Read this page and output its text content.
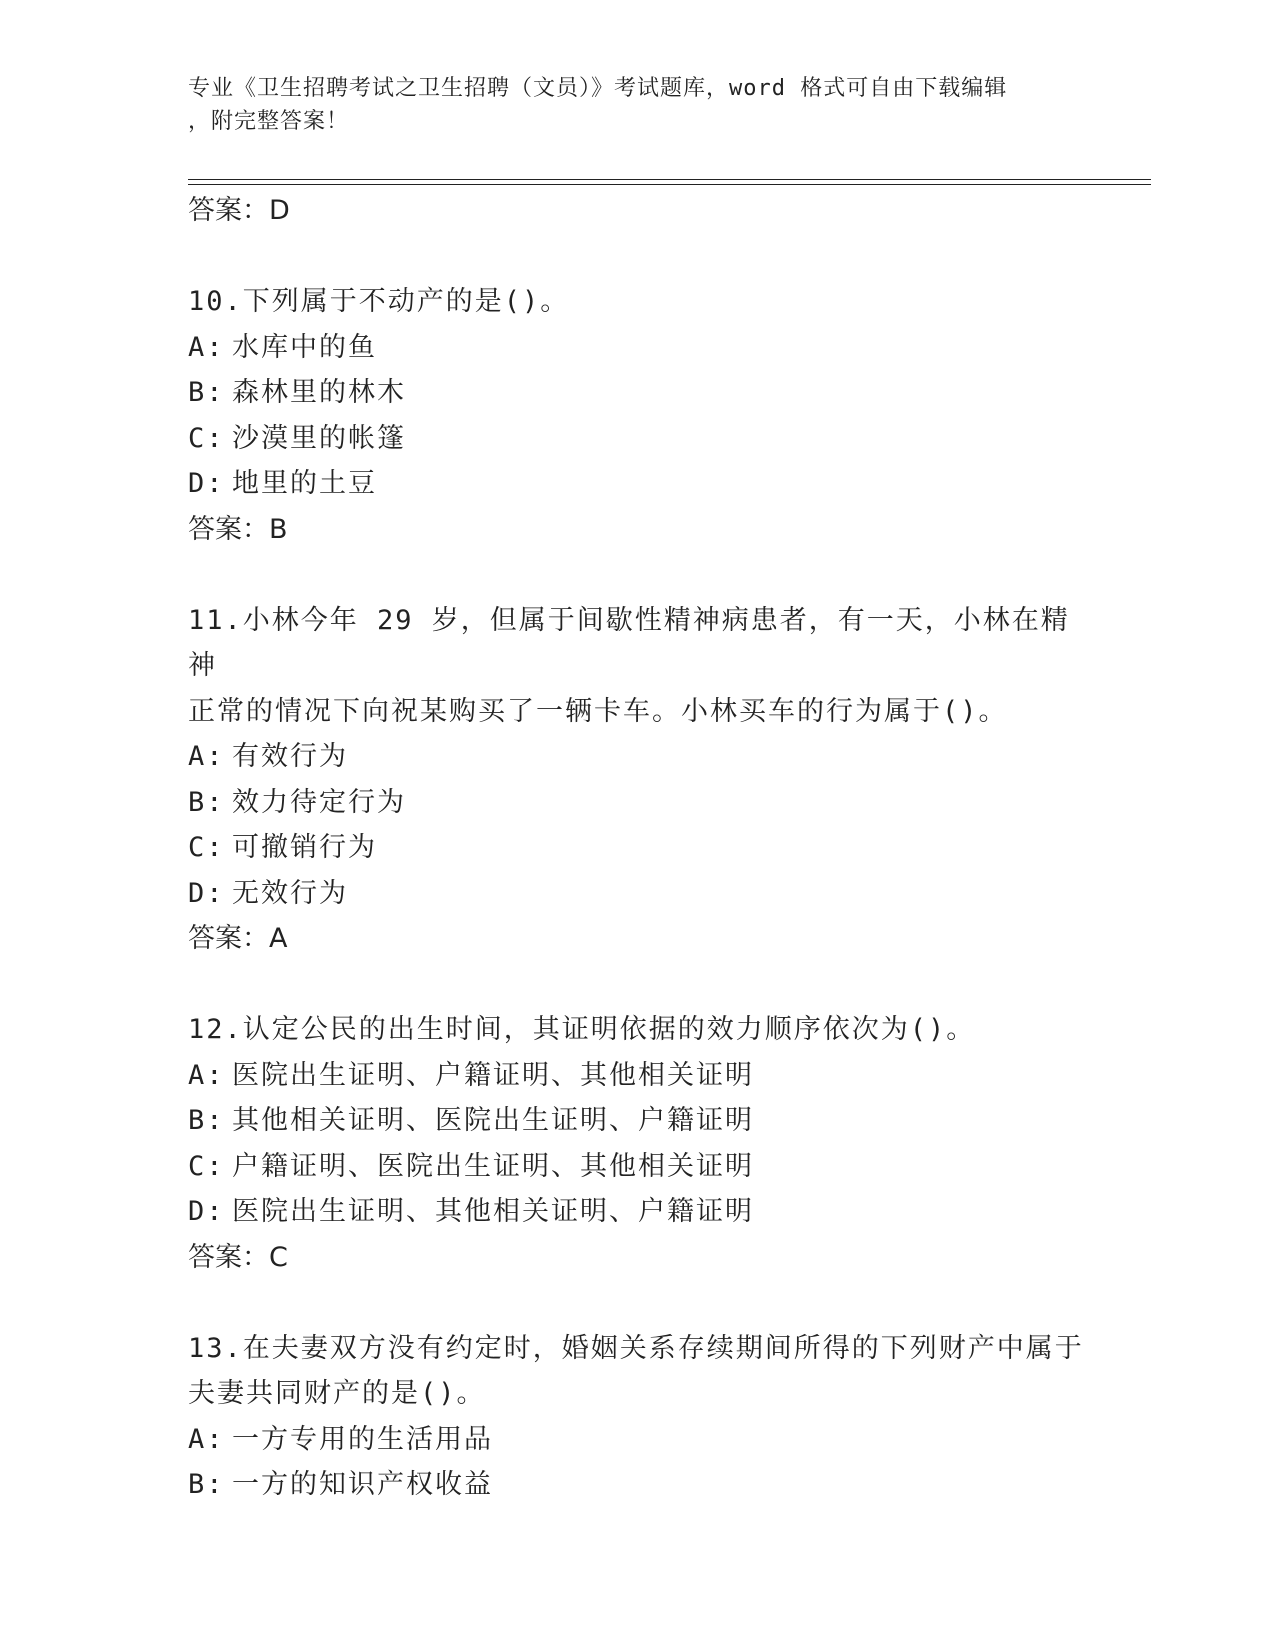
专业《卫生招聘考试之卫生招聘（文员）》考试题库，word 格式可自由下载编辑
，附完整答案！

答案：D

10.下列属于不动产的是()。

A: 水库中的鱼

B: 森林里的林木

C: 沙漠里的帐篷

D: 地里的土豆

答案：B

11.小林今年 29 岁，但属于间歇性精神病患者，有一天，小林在精神

正常的情况下向祝某购买了一辆卡车。小林买车的行为属于()。

A: 有效行为

B: 效力待定行为

C: 可撤销行为

D: 无效行为

答案：A

12.认定公民的出生时间，其证明依据的效力顺序依次为()。

A: 医院出生证明、户籍证明、其他相关证明

B: 其他相关证明、医院出生证明、户籍证明

C: 户籍证明、医院出生证明、其他相关证明

D: 医院出生证明、其他相关证明、户籍证明

答案：C

13.在夫妻双方没有约定时，婚姻关系存续期间所得的下列财产中属于

夫妻共同财产的是()。

A: 一方专用的生活用品

B: 一方的知识产权收益
